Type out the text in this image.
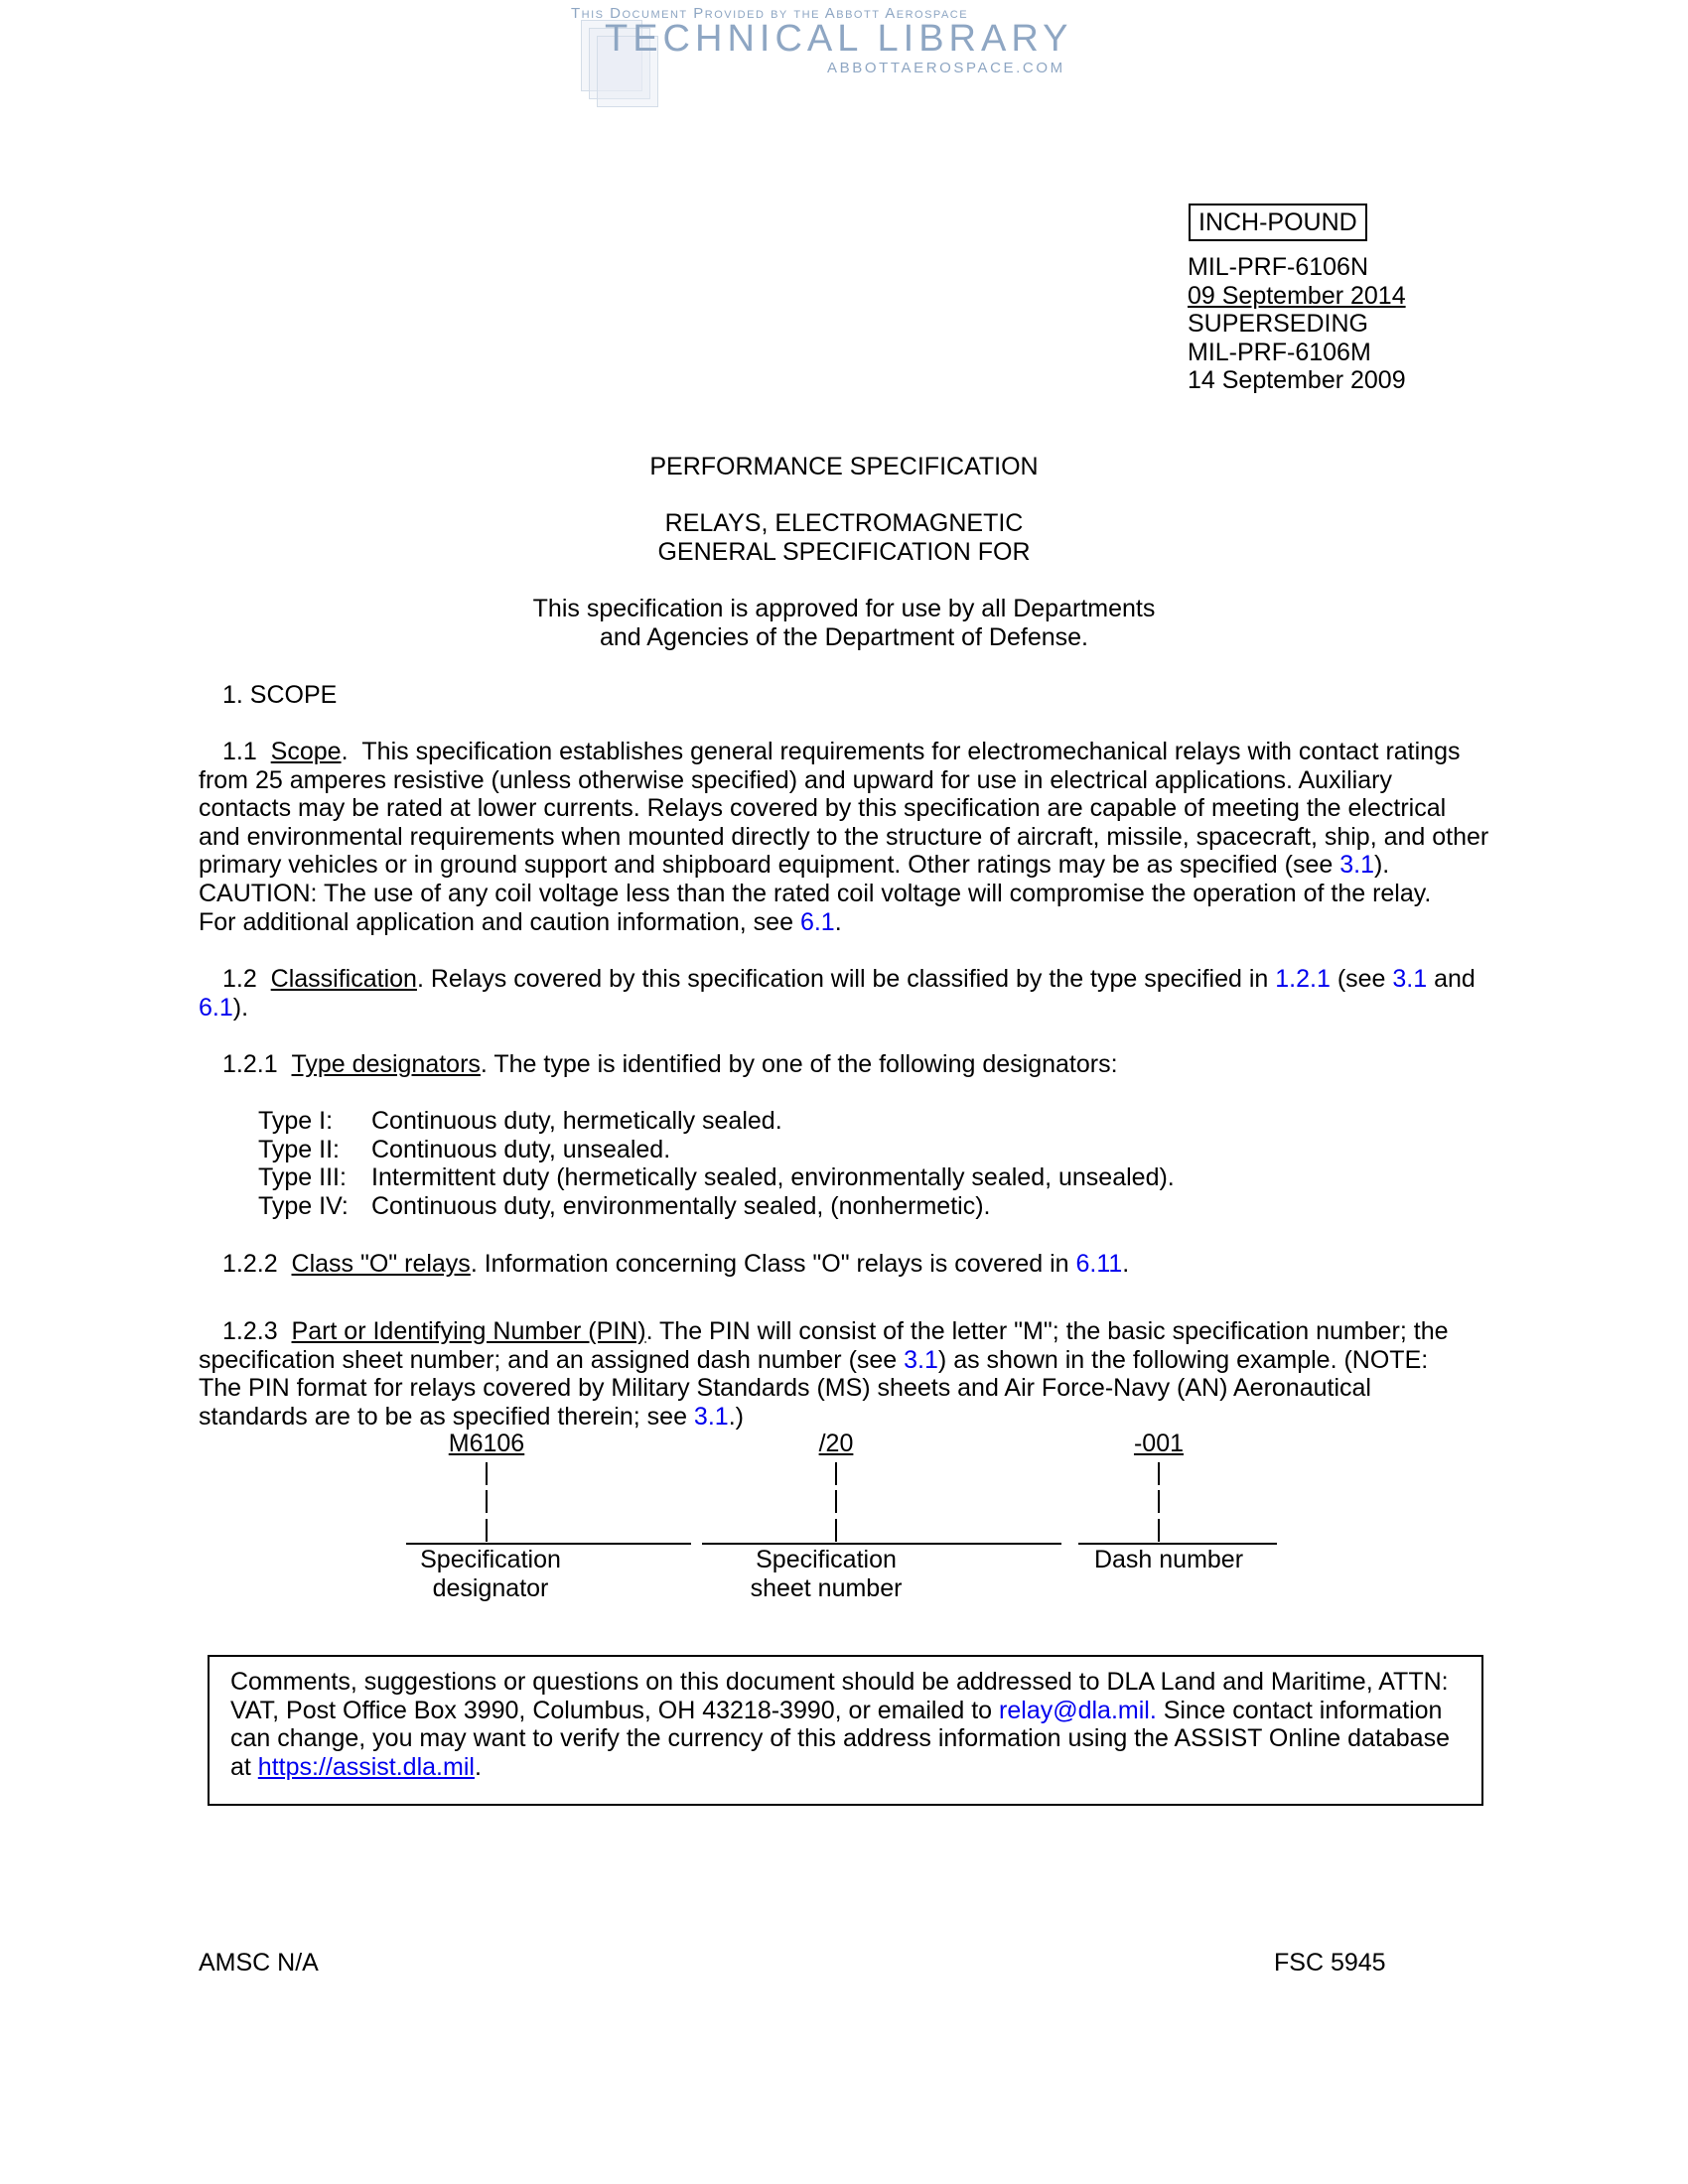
This Document Provided by the Abbott Aerospace
TECHNICAL LIBRARY
ABBOTTAEROSPACE.COM
INCH-POUND
MIL-PRF-6106N
09 September 2014
SUPERSEDING
MIL-PRF-6106M
14 September 2009
PERFORMANCE SPECIFICATION
RELAYS, ELECTROMAGNETIC
GENERAL SPECIFICATION FOR
This specification is approved for use by all Departments
and Agencies of the Department of Defense.
1. SCOPE
1.1 Scope.  This specification establishes general requirements for electromechanical relays with contact ratings
from 25 amperes resistive (unless otherwise specified) and upward for use in electrical applications. Auxiliary
contacts may be rated at lower currents. Relays covered by this specification are capable of meeting the electrical
and environmental requirements when mounted directly to the structure of aircraft, missile, spacecraft, ship, and other
primary vehicles or in ground support and shipboard equipment. Other ratings may be as specified (see 3.1).
CAUTION: The use of any coil voltage less than the rated coil voltage will compromise the operation of the relay.
For additional application and caution information, see 6.1.
1.2 Classification. Relays covered by this specification will be classified by the type specified in 1.2.1 (see 3.1 and
6.1).
1.2.1 Type designators. The type is identified by one of the following designators:
Type I:	Continuous duty, hermetically sealed.
Type II:	Continuous duty, unsealed.
Type III:	Intermittent duty (hermetically sealed, environmentally sealed, unsealed).
Type IV: Continuous duty, environmentally sealed, (nonhermetic).
1.2.2 Class "O" relays. Information concerning Class "O" relays is covered in 6.11.
1.2.3 Part or Identifying Number (PIN). The PIN will consist of the letter "M"; the basic specification number; the
specification sheet number; and an assigned dash number (see 3.1) as shown in the following example. (NOTE:
The PIN format for relays covered by Military Standards (MS) sheets and Air Force-Navy (AN) Aeronautical
standards are to be as specified therein; see 3.1.)
M6106
|
|
|
Specification
designator
/20
|
|
|
Specification
sheet number
-001
|
|
|
Dash number
Comments, suggestions or questions on this document should be addressed to DLA Land and Maritime, ATTN:
VAT, Post Office Box 3990, Columbus, OH 43218-3990, or emailed to relay@dla.mil. Since contact information
can change, you may want to verify the currency of this address information using the ASSIST Online database
at https://assist.dla.mil.
AMSC N/A	FSC 5945
